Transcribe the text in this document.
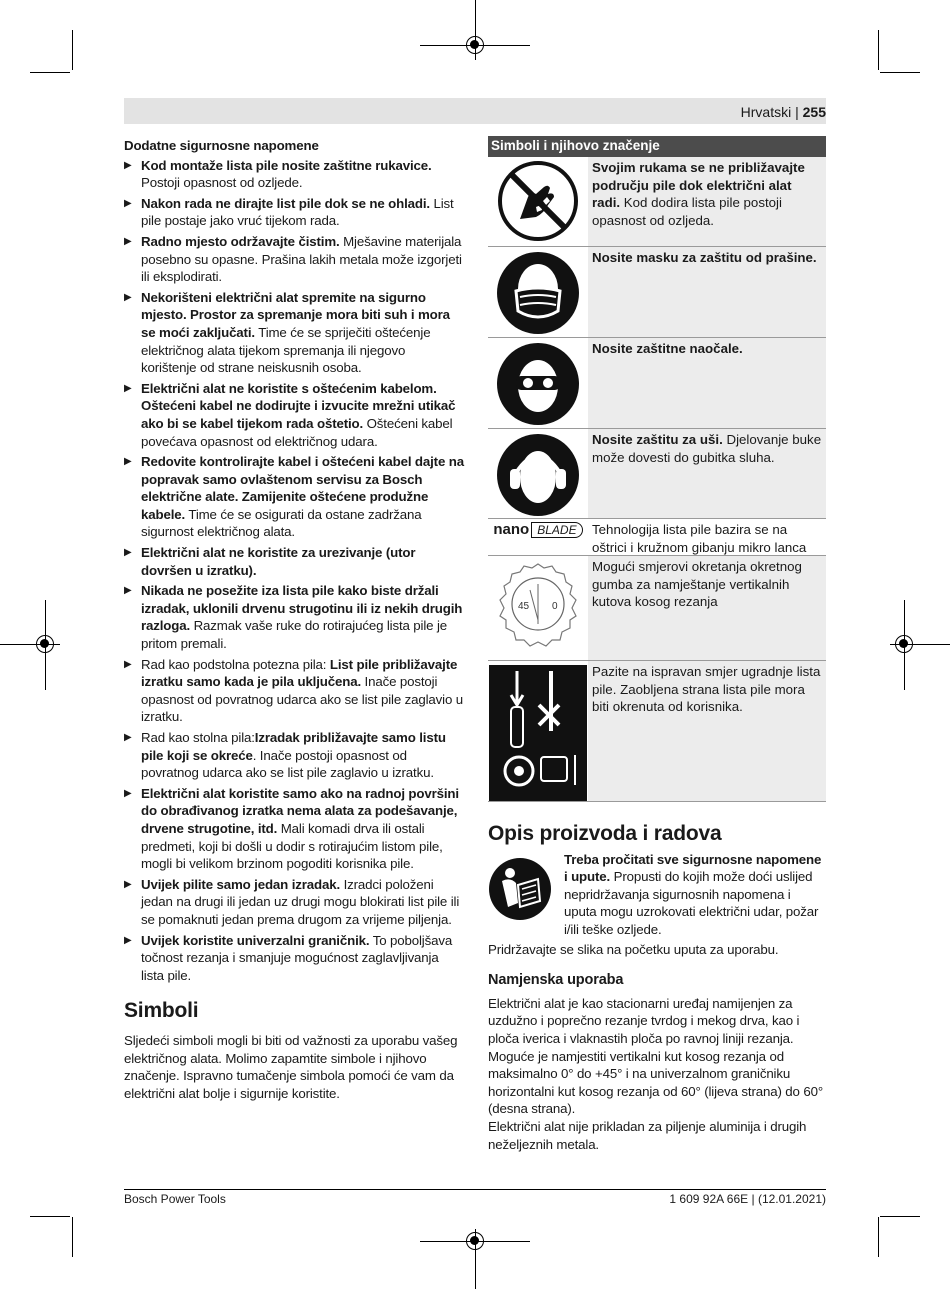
Hrvatski | 255
Dodatne sigurnosne napomene
▶ Kod montaže lista pile nosite zaštitne rukavice. Postoji opasnost od ozljede.
▶ Nakon rada ne dirajte list pile dok se ne ohladi. List pile postaje jako vruć tijekom rada.
▶ Radno mjesto održavajte čistim. Mješavine materijala posebno su opasne. Prašina lakih metala može izgorjeti ili eksplodirati.
▶ Nekorišteni električni alat spremite na sigurno mjesto. Prostor za spremanje mora biti suh i mora se moći zaključati. Time će se spriječiti oštećenje električnog alata tijekom spremanja ili njegovo korištenje od strane neiskusnih osoba.
▶ Električni alat ne koristite s oštećenim kabelom. Oštećeni kabel ne dodirujte i izvucite mrežni utikač ako bi se kabel tijekom rada oštetio. Oštećeni kabel povećava opasnost od električnog udara.
▶ Redovite kontrolirajte kabel i oštećeni kabel dajte na popravak samo ovlaštenom servisu za Bosch električne alate. Zamijenite oštećene produžne kabele. Time će se osigurati da ostane zadržana sigurnost električnog alata.
▶ Električni alat ne koristite za urezivanje (utor dovršen u izratku).
▶ Nikada ne posežite iza lista pile kako biste držali izradak, uklonili drvenu strugotinu ili iz nekih drugih razloga. Razmak vaše ruke do rotirajućeg lista pile je pritom premali.
▶ Rad kao podstolna potezna pila: List pile približavajte izratku samo kada je pila uključena. Inače postoji opasnost od povratnog udarca ako se list pile zaglavio u izratku.
▶ Rad kao stolna pila:Izradak približavajte samo listu pile koji se okreće. Inače postoji opasnost od povratnog udarca ako se list pile zaglavio u izratku.
▶ Električni alat koristite samo ako na radnoj površini do obrađivanog izratka nema alata za podešavanje, drvene strugotine, itd. Mali komadi drva ili ostali predmeti, koji bi došli u dodir s rotirajućim listom pile, mogli bi velikom brzinom pogoditi korisnika pile.
▶ Uvijek pilite samo jedan izradak. Izradci položeni jedan na drugi ili jedan uz drugi mogu blokirati list pile ili se pomaknuti jedan prema drugom za vrijeme piljenja.
▶ Uvijek koristite univerzalni graničnik. To poboljšava točnost rezanja i smanjuje mogućnost zaglavljivanja lista pile.
Simboli
Sljedeći simboli mogli bi biti od važnosti za uporabu vašeg električnog alata. Molimo zapamtite simbole i njihovo značenje. Ispravno tumačenje simbola pomoći će vam da električni alat bolje i sigurnije koristite.
Simboli i njihovo značenje
Svojim rukama se ne približavajte području pile dok električni alat radi. Kod dodira lista pile postoji opasnost od ozljeda.
Nosite masku za zaštitu od prašine.
Nosite zaštitne naočale.
Nosite zaštitu za uši. Djelovanje buke može dovesti do gubitka sluha.
nano BLADE	Tehnologija lista pile bazira se na oštrici i kružnom gibanju mikro lanca
45 0
Mogući smjerovi okretanja okretnog gumba za namještanje vertikalnih kutova kosog rezanja
Pazite na ispravan smjer ugradnje lista pile. Zaobljena strana lista pile mora biti okrenuta od korisnika.
Opis proizvoda i radova
Treba pročitati sve sigurnosne napomene i upute. Propusti do kojih može doći uslijed nepridržavanja sigurnosnih napomena i uputa mogu uzrokovati električni udar, požar i/ili teške ozljede.
Pridržavajte se slika na početku uputa za uporabu.
Namjenska uporaba
Električni alat je kao stacionarni uređaj namijenjen za uzdužno i poprečno rezanje tvrdog i mekog drva, kao i ploča iverica i vlaknastih ploča po ravnoj liniji rezanja.
Moguće je namjestiti vertikalni kut kosog rezanja od maksimalno 0° do +45° i na univerzalnom graničniku horizontalni kut kosog rezanja od 60° (lijeva strana) do 60° (desna strana).
Električni alat nije prikladan za piljenje aluminija i drugih neželjeznih metala.
Bosch Power Tools	1 609 92A 66E | (12.01.2021)
